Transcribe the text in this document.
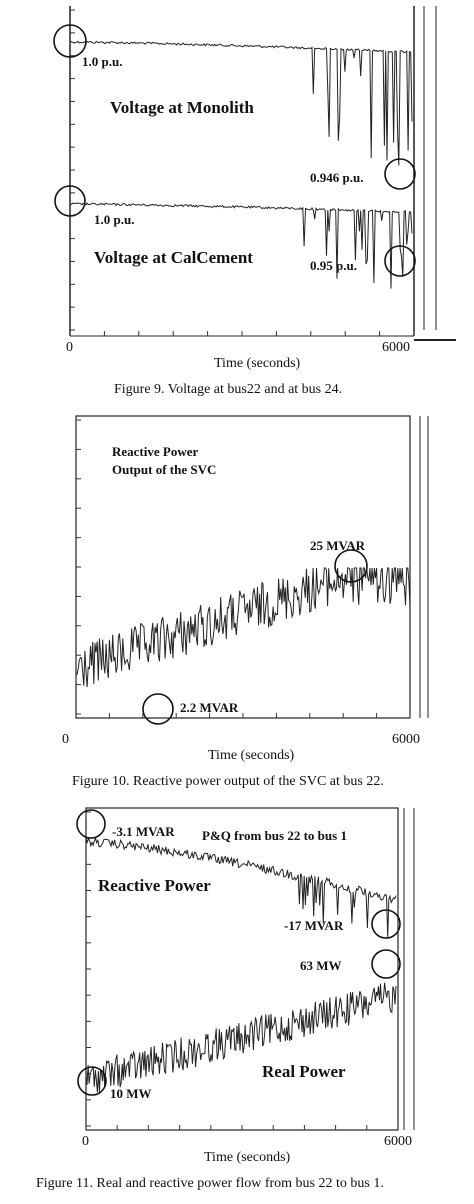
1.0 p.u.
Voltage at Monolith
0.946 p.u.
1.0 p.u.
Voltage at CalCement	0.95 p.u.
0	6000
Time (seconds)
Figure 9. Voltage at bus22 and at bus 24.
Reactive Power
Output of the SVC
25 MVAR
2.2 MVAR
0	6000
Time (seconds)
Figure 10. Reactive power output of the SVC at bus 22.
-3.1 MVAR P&Q from bus 22 to bus 1
Reactive Power
-17 MVAR
63 MW
Real Power
10 MW
0	6000
Time (seconds)
Figure 11. Real and reactive power flow from bus 22 to bus 1.
